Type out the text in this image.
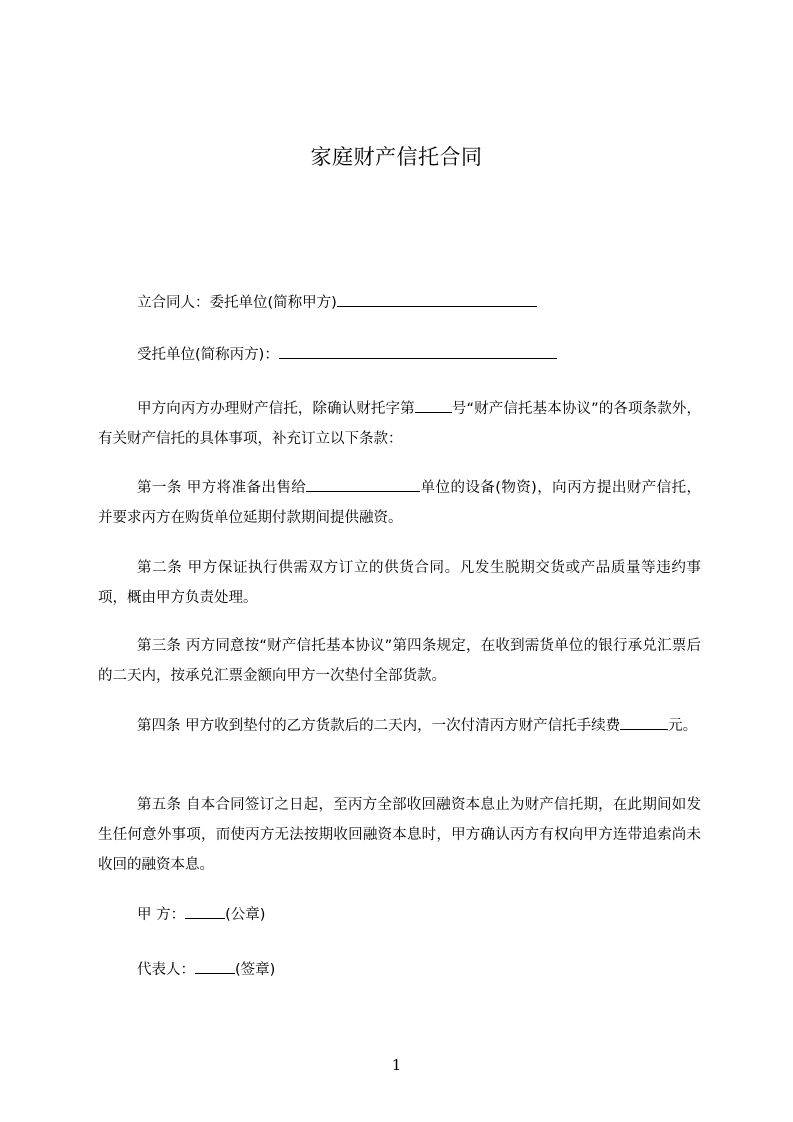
家庭财产信托合同
立合同人：委托单位(简称甲方)
受托单位(简称丙方)：
甲方向丙方办理财产信托，除确认财托字第	号“财产信托基本协议”的各项条款外，有关财产信托的具体事项，补充订立以下条款：
第一条 甲方将准备出售给	单位的设备(物资)，向丙方提出财产信托，并要求丙方在购货单位延期付款期间提供融资。
第二条 甲方保证执行供需双方订立的供货合同。凡发生脱期交货或产品质量等违约事项，概由甲方负责处理。
第三条 丙方同意按“财产信托基本协议”第四条规定，在收到需货单位的银行承兑汇票后的二天内，按承兑汇票金额向甲方一次垫付全部货款。
第四条 甲方收到垫付的乙方货款后的二天内，一次付清丙方财产信托手续费	元。
第五条 自本合同签订之日起，至丙方全部收回融资本息止为财产信托期，在此期间如发生任何意外事项，而使丙方无法按期收回融资本息时，甲方确认丙方有权向甲方连带追索尚未收回的融资本息。
甲 方：	(公章)
代表人：	(签章)
1
